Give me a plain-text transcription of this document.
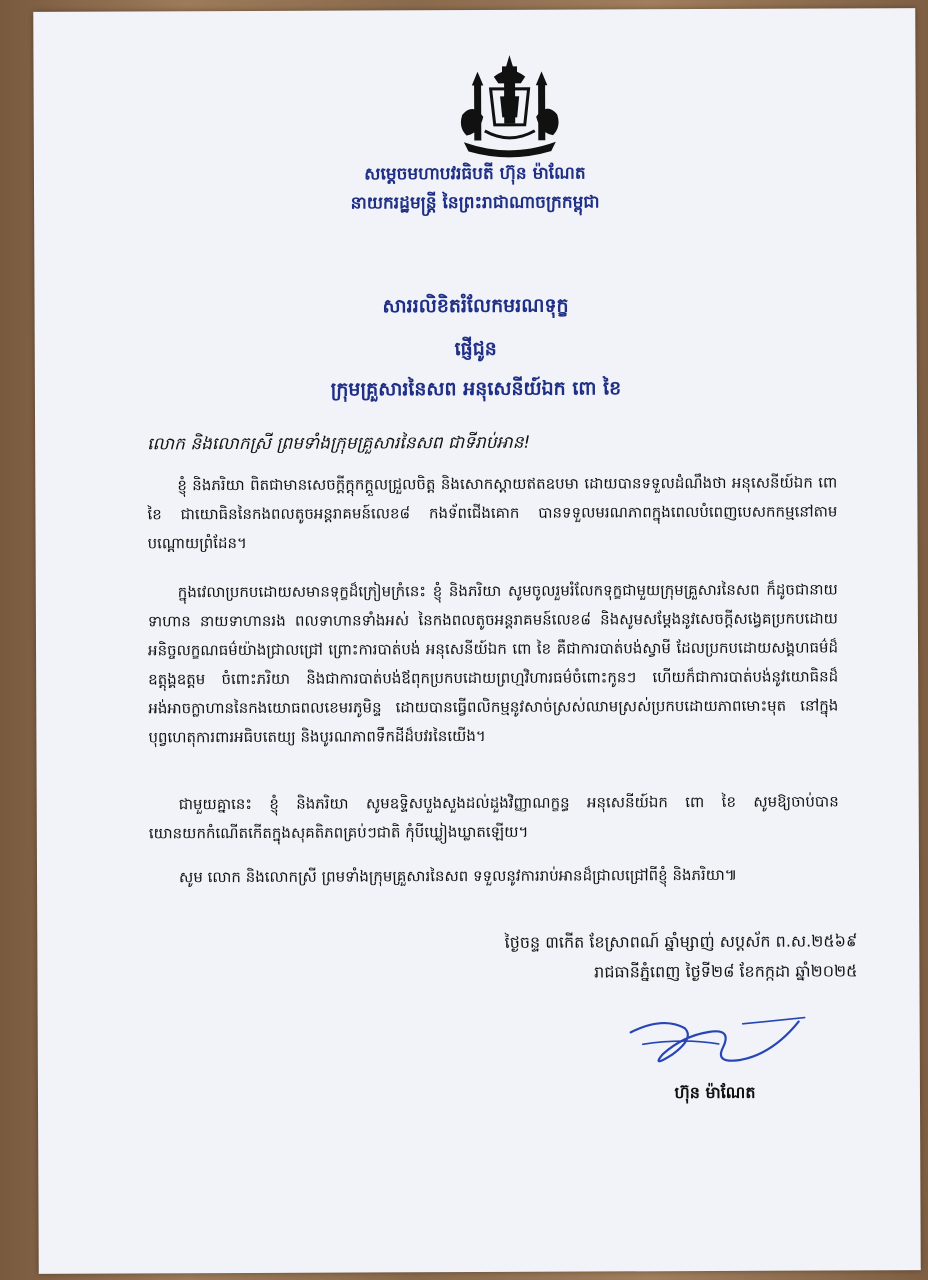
សម្ដេចមហាបវរធិបតី ហ៊ុន ម៉ាណែត
នាយករដ្ឋមន្ត្រី នៃព្រះរាជាណាចក្រកម្ពុជា
សាររលិខិតរំលែកមរណទុក្ខ
ផ្ញើជូន
ក្រុមគ្រួសារនៃសព អនុសេនីយ៍ឯក ពោ ខៃ
លោក និងលោកស្រី ព្រមទាំងក្រុមគ្រួសារនៃសព ជាទីរាប់អាន!
ខ្ញុំ និងភរិយា ពិតជាមានសេចក្ដីក្តុកក្តួលជ្រួលចិត្ត និងសោកស្ដាយឥតឧបមា ដោយបានទទួលដំណឹងថា អនុសេនីយ៍ឯក ពោ ខៃ ជាយោធិននៃកងពលតូចអន្តរាគមន៍លេខ៨ កងទ័ពជើងគោក បានទទួលមរណភាពក្នុងពេលបំពេញបេសកកម្មនៅតាមបណ្ដោយព្រំដែន។
ក្នុងវេលាប្រកបដោយសមានទុក្ខដ៏ក្រៀមក្រំនេះ ខ្ញុំ និងភរិយា សូមចូលរួមរំលែកទុក្ខជាមួយក្រុមគ្រួសារនៃសព ក៏ដូចជានាយទាហាន នាយទាហានរង ពលទាហានទាំងអស់ នៃកងពលតូចអន្តរាគមន៍លេខ៨ និងសូមសម្ដែងនូវសេចក្ដីសង្វេគប្រកបដោយអនិច្ចលក្ខណធម៌យ៉ាងជ្រាលជ្រៅ ព្រោះការបាត់បង់ អនុសេនីយ៍ឯក ពោ ខៃ គឺជាការបាត់បង់ស្វាមី ដែលប្រកបដោយសង្គហធម៌ដ៏ឧត្តុង្គឧត្តម ចំពោះភរិយា និងជាការបាត់បង់ឪពុកប្រកបដោយព្រហ្មវិហារធម៌ចំពោះកូនៗ ហើយក៏ជាការបាត់បង់នូវយោធិនដ៏អង់អាចក្លាហាននៃកងយោធពលខេមរភូមិន្ទ ដោយបានធ្វើពលិកម្មនូវសាច់ស្រស់ឈាមស្រស់ប្រកបដោយភាពមោះមុត នៅក្នុងបុព្វហេតុការពារអធិបតេយ្យ និងបូរណភាពទឹកដីដ៏បវរនៃយើង។
ជាមួយគ្នានេះ ខ្ញុំ និងភរិយា សូមឧទ្ទិសបួងសួងដល់ដួងវិញ្ញាណក្ខន្ធ អនុសេនីយ៍ឯក ពោ ខៃ សូមឱ្យចាប់បានយោនយកកំណើតកើតក្នុងសុគតិភពគ្រប់ៗជាតិ កុំបីឃ្លៀងឃ្លាតឡើយ។
សូម លោក និងលោកស្រី ព្រមទាំងក្រុមគ្រួសារនៃសព ទទួលនូវការរាប់អានដ៏ជ្រាលជ្រៅពីខ្ញុំ និងភរិយា៕
ថ្ងៃចន្ទ ៣កើត ខែស្រាពណ៍ ឆ្នាំម្សាញ់ សប្ដស័ក ព.ស.២៥៦៩
រាជធានីភ្នំពេញ ថ្ងៃទី២៨ ខែកក្កដា ឆ្នាំ២០២៥
ហ៊ុន ម៉ាណែត
